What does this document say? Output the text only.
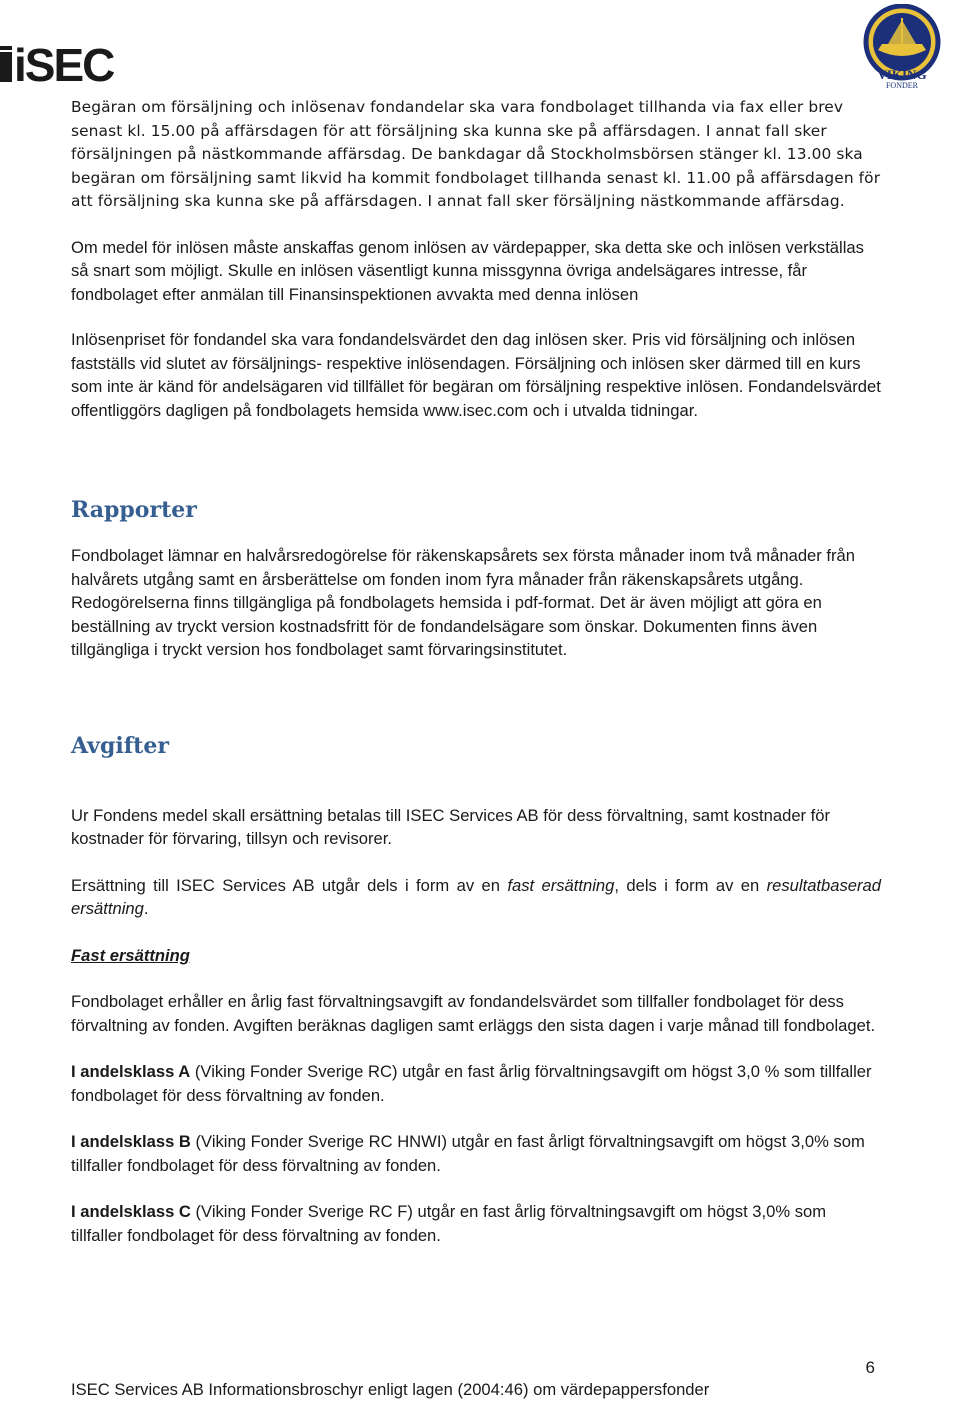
iSEC	VIKING
FONDER

Begäran om försäljning och inlösenav fondandelar ska vara fondbolaget tillhanda via fax eller brev senast kl. 15.00 på affärsdagen för att försäljning ska kunna ske på affärsdagen. I annat fall sker försäljningen på nästkommande affärsdag. De bankdagar då Stockholmsbörsen stänger kl. 13.00 ska begäran om försäljning samt likvid ha kommit fondbolaget tillhanda senast kl. 11.00 på affärsdagen för att försäljning ska kunna ske på affärsdagen. I annat fall sker försäljning nästkommande affärsdag.

Om medel för inlösen måste anskaffas genom inlösen av värdepapper, ska detta ske och inlösen verkställas så snart som möjligt. Skulle en inlösen väsentligt kunna missgynna övriga andelsägares intresse, får fondbolaget efter anmälan till Finansinspektionen avvakta med denna inlösen

Inlösenpriset för fondandel ska vara fondandelsvärdet den dag inlösen sker. Pris vid försäljning och inlösen fastställs vid slutet av försäljnings- respektive inlösendagen. Försäljning och inlösen sker därmed till en kurs som inte är känd för andelsägaren vid tillfället för begäran om försäljning respektive inlösen. Fondandelsvärdet offentliggörs dagligen på fondbolagets hemsida www.isec.com och i utvalda tidningar.

Rapporter

Fondbolaget lämnar en halvårsredogörelse för räkenskapsårets sex första månader inom två månader från halvårets utgång samt en årsberättelse om fonden inom fyra månader från räkenskapsårets utgång. Redogörelserna finns tillgängliga på fondbolagets hemsida i pdf-format. Det är även möjligt att göra en beställning av tryckt version kostnadsfritt för de fondandelsägare som önskar. Dokumenten finns även tillgängliga i tryckt version hos fondbolaget samt förvaringsinstitutet.

Avgifter

Ur Fondens medel skall ersättning betalas till ISEC Services AB för dess förvaltning, samt kostnader för kostnader för förvaring, tillsyn och revisorer.

Ersättning till ISEC Services AB utgår dels i form av en fast ersättning, dels i form av en resultatbaserad ersättning.

Fast ersättning

Fondbolaget erhåller en årlig fast förvaltningsavgift av fondandelsvärdet som tillfaller fondbolaget för dess förvaltning av fonden. Avgiften beräknas dagligen samt erläggs den sista dagen i varje månad till fondbolaget.

I andelsklass A (Viking Fonder Sverige RC) utgår en fast årlig förvaltningsavgift om högst 3,0 % som tillfaller fondbolaget för dess förvaltning av fonden.

I andelsklass B (Viking Fonder Sverige RC HNWI) utgår en fast årligt förvaltningsavgift om högst 3,0% som tillfaller fondbolaget för dess förvaltning av fonden.

I andelsklass C (Viking Fonder Sverige RC F) utgår en fast årlig förvaltningsavgift om högst 3,0% som tillfaller fondbolaget för dess förvaltning av fonden.

6
ISEC Services AB Informationsbroschyr enligt lagen (2004:46) om värdepappersfonder
